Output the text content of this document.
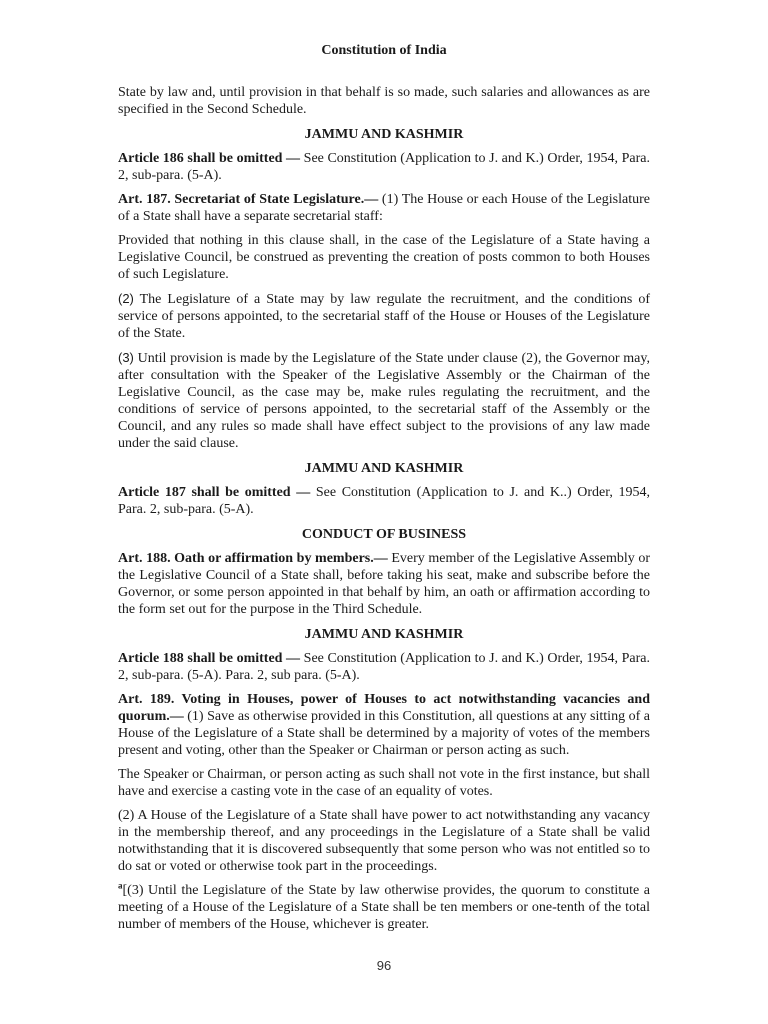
Constitution of India

State by law and, until provision in that behalf is so made, such salaries and allowances as are specified in the Second Schedule.

JAMMU AND KASHMIR

Article 186 shall be omitted — See Constitution (Application to J. and K.) Order, 1954, Para. 2, sub-para. (5-A).

Art. 187. Secretariat of State Legislature.— (1) The House or each House of the Legislature of a State shall have a separate secretarial staff:

Provided that nothing in this clause shall, in the case of the Legislature of a State having a Legislative Council, be construed as preventing the creation of posts common to both Houses of such Legislature.

(2) The Legislature of a State may by law regulate the recruitment, and the conditions of service of persons appointed, to the secretarial staff of the House or Houses of the Legislature of the State.

(3) Until provision is made by the Legislature of the State under clause (2), the Governor may, after consultation with the Speaker of the Legislative Assembly or the Chairman of the Legislative Council, as the case may be, make rules regulating the recruitment, and the conditions of service of persons appointed, to the secretarial staff of the Assembly or the Council, and any rules so made shall have effect subject to the provisions of any law made under the said clause.

JAMMU AND KASHMIR

Article 187 shall be omitted — See Constitution (Application to J. and K..) Order, 1954, Para. 2, sub-para. (5-A).

CONDUCT OF BUSINESS

Art. 188. Oath or affirmation by members.— Every member of the Legislative Assembly or the Legislative Council of a State shall, before taking his seat, make and subscribe before the Governor, or some person appointed in that behalf by him, an oath or affirmation according to the form set out for the purpose in the Third Schedule.

JAMMU AND KASHMIR

Article 188 shall be omitted — See Constitution (Application to J. and K.) Order, 1954, Para. 2, sub-para. (5-A). Para. 2, sub para. (5-A).

Art. 189. Voting in Houses, power of Houses to act notwithstanding vacancies and quorum.— (1) Save as otherwise provided in this Constitution, all questions at any sitting of a House of the Legislature of a State shall be determined by a majority of votes of the members present and voting, other than the Speaker or Chairman or person acting as such.

The Speaker or Chairman, or person acting as such shall not vote in the first instance, but shall have and exercise a casting vote in the case of an equality of votes.

(2) A House of the Legislature of a State shall have power to act notwithstanding any vacancy in the membership thereof, and any proceedings in the Legislature of a State shall be valid notwithstanding that it is discovered subsequently that some person who was not entitled so to do sat or voted or otherwise took part in the proceedings.

$^a$[(3) Until the Legislature of the State by law otherwise provides, the quorum to constitute a meeting of a House of the Legislature of a State shall be ten members or one-tenth of the total number of members of the House, whichever is greater.

96
